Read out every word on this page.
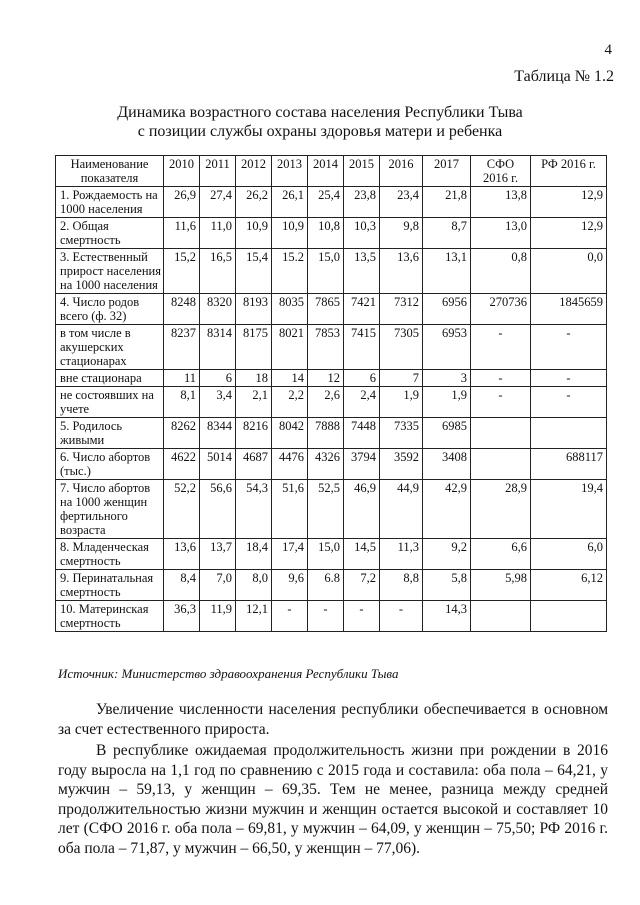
4
Таблица № 1.2
Динамика возрастного состава населения Республики Тыва
с позиции службы охраны здоровья матери и ребенка
Наименование показателя	2010	2011	2012	2013	2014	2015	2016	2017	СФО 2016 г.	РФ 2016 г.
1. Рождаемость на 1000 населения	26,9	27,4	26,2	26,1	25,4	23,8	23,4	21,8	13,8	12,9
2. Общая смертность	11,6	11,0	10,9	10,9	10,8	10,3	9,8	8,7	13,0	12,9
3. Естественный прирост населения на 1000 населения	15,2	16,5	15,4	15.2	15,0	13,5	13,6	13,1	0,8	0,0
4. Число родов всего (ф. 32)	8248	8320	8193	8035	7865	7421	7312	6956	270736	1845659
в том числе в акушерских стационарах	8237	8314	8175	8021	7853	7415	7305	6953	-	-
вне стационара	11	6	18	14	12	6	7	3	-	-
не состоявших на учете	8,1	3,4	2,1	2,2	2,6	2,4	1,9	1,9	-	-
5. Родилось живыми	8262	8344	8216	8042	7888	7448	7335	6985		
6. Число абортов (тыс.)	4622	5014	4687	4476	4326	3794	3592	3408		688117
7. Число абортов на 1000 женщин фертильного возраста	52,2	56,6	54,3	51,6	52,5	46,9	44,9	42,9	28,9	19,4
8. Младенческая смертность	13,6	13,7	18,4	17,4	15,0	14,5	11,3	9,2	6,6	6,0
9. Перинатальная смертность	8,4	7,0	8,0	9,6	6.8	7,2	8,8	5,8	5,98	6,12
10. Материнская смертность	36,3	11,9	12,1	-	-	-	-	14,3		
Источник: Министерство здравоохранения Республики Тыва

Увеличение численности населения республики обеспечивается в основном за счет естественного прироста.

В республике ожидаемая продолжительность жизни при рождении в 2016 году выросла на 1,1 год по сравнению с 2015 года и составила: оба пола – 64,21, у мужчин – 59,13, у женщин – 69,35. Тем не менее, разница между средней продолжительностью жизни мужчин и женщин остается высокой и составляет 10 лет (СФО 2016 г. оба пола – 69,81, у мужчин – 64,09, у женщин – 75,50; РФ 2016 г. оба пола – 71,87, у мужчин – 66,50, у женщин – 77,06).
